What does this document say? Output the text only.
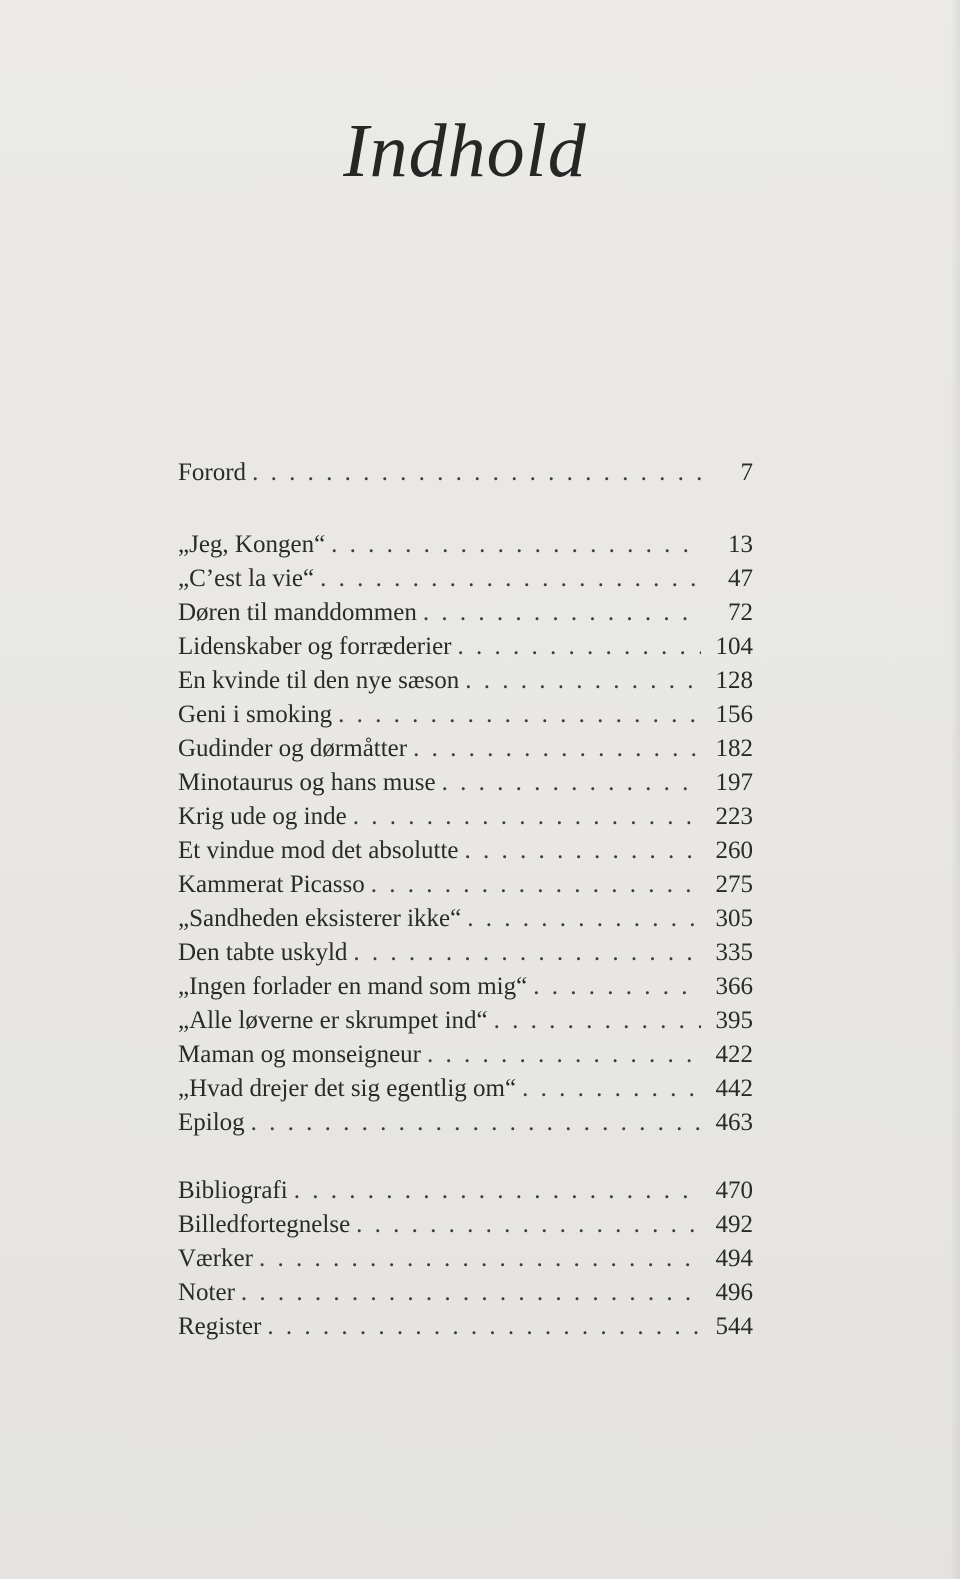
Indhold
Forord . . .	7
„Jeg, Kongen“ . . .	13
„C’est la vie“ . . .	47
Døren til manddommen . . .	72
Lidenskaber og forræderier . . .	104
En kvinde til den nye sæson . . .	128
Geni i smoking . . .	156
Gudinder og dørmåtter . . .	182
Minotaurus og hans muse . . .	197
Krig ude og inde . . .	223
Et vindue mod det absolutte . . .	260
Kammerat Picasso . . .	275
„Sandheden eksisterer ikke“ . . .	305
Den tabte uskyld . . .	335
„Ingen forlader en mand som mig“ . . .	366
„Alle løverne er skrumpet ind“ . . .	395
Maman og monseigneur . . .	422
„Hvad drejer det sig egentlig om“ . . .	442
Epilog . . .	463
Bibliografi . . .	470
Billedfortegnelse . . .	492
Værker . . .	494
Noter . . .	496
Register . . .	544
